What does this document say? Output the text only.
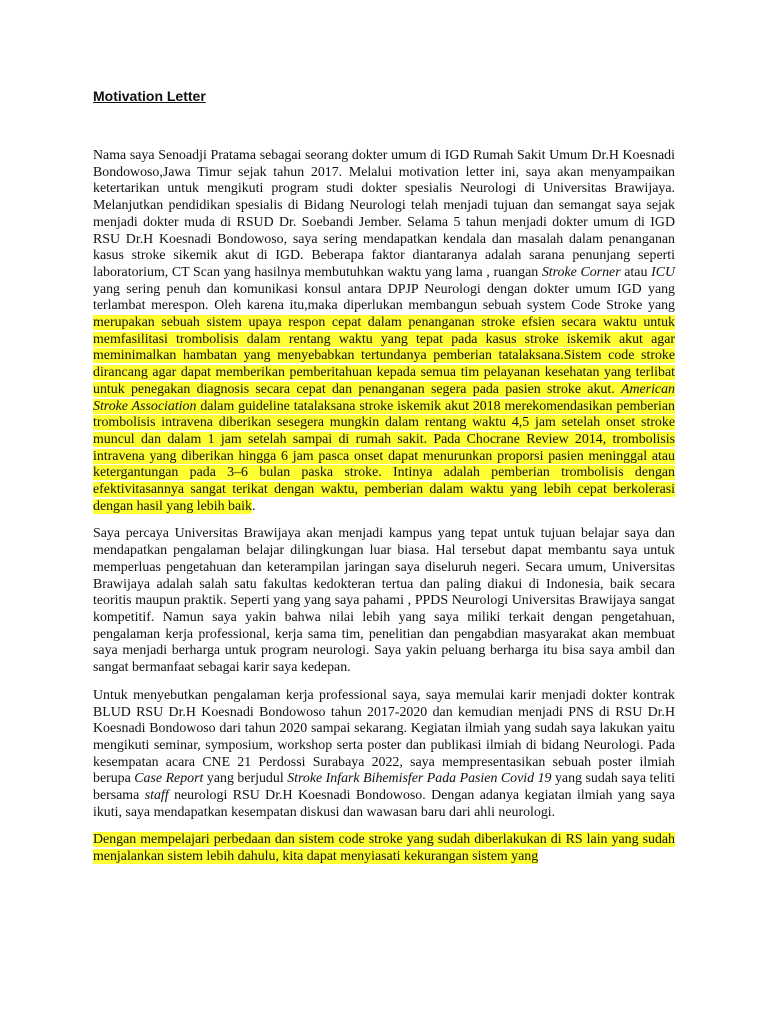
Motivation Letter

Nama saya Senoadji Pratama sebagai seorang dokter umum di IGD Rumah Sakit Umum Dr.H Koesnadi Bondowoso,Jawa Timur sejak tahun 2017. Melalui motivation letter ini, saya akan menyampaikan ketertarikan untuk mengikuti program studi dokter spesialis Neurologi di Universitas Brawijaya. Melanjutkan pendidikan spesialis di Bidang Neurologi telah menjadi tujuan dan semangat saya sejak menjadi dokter muda di RSUD Dr. Soebandi Jember. Selama 5 tahun menjadi dokter umum di IGD RSU Dr.H Koesnadi Bondowoso, saya sering mendapatkan kendala dan masalah dalam penanganan kasus stroke sikemik akut di IGD. Beberapa faktor diantaranya adalah sarana penunjang seperti laboratorium, CT Scan yang hasilnya membutuhkan waktu yang lama , ruangan Stroke Corner atau ICU yang sering penuh dan komunikasi konsul antara DPJP Neurologi dengan dokter umum IGD yang terlambat merespon. Oleh karena itu,maka diperlukan membangun sebuah system Code Stroke yang merupakan sebuah sistem upaya respon cepat dalam penanganan stroke efsien secara waktu untuk memfasilitasi trombolisis dalam rentang waktu yang tepat pada kasus stroke iskemik akut agar meminimalkan hambatan yang menyebabkan tertundanya pemberian tatalaksana.Sistem code stroke dirancang agar dapat memberikan pemberitahuan kepada semua tim pelayanan kesehatan yang terlibat untuk penegakan diagnosis secara cepat dan penanganan segera pada pasien stroke akut. American Stroke Association dalam guideline tatalaksana stroke iskemik akut 2018 merekomendasikan pemberian trombolisis intravena diberikan sesegera mungkin dalam rentang waktu 4,5 jam setelah onset stroke muncul dan dalam 1 jam setelah sampai di rumah sakit. Pada Chocrane Review 2014, trombolisis intravena yang diberikan hingga 6 jam pasca onset dapat menurunkan proporsi pasien meninggal atau ketergantungan pada 3–6 bulan paska stroke. Intinya adalah pemberian trombolisis dengan efektivitasannya sangat terikat dengan waktu, pemberian dalam waktu yang lebih cepat berkolerasi dengan hasil yang lebih baik.

Saya percaya Universitas Brawijaya akan menjadi kampus yang tepat untuk tujuan belajar saya dan mendapatkan pengalaman belajar dilingkungan luar biasa. Hal tersebut dapat membantu saya untuk memperluas pengetahuan dan keterampilan jaringan saya diseluruh negeri. Secara umum, Universitas Brawijaya adalah salah satu fakultas kedokteran tertua dan paling diakui di Indonesia, baik secara teoritis maupun praktik. Seperti yang yang saya pahami , PPDS Neurologi Universitas Brawijaya sangat kompetitif. Namun saya yakin bahwa nilai lebih yang saya miliki terkait dengan pengetahuan, pengalaman kerja professional, kerja sama tim, penelitian dan pengabdian masyarakat akan membuat saya menjadi berharga untuk program neurologi. Saya yakin peluang berharga itu bisa saya ambil dan sangat bermanfaat sebagai karir saya kedepan.

Untuk menyebutkan pengalaman kerja professional saya, saya memulai karir menjadi dokter kontrak BLUD RSU Dr.H Koesnadi Bondowoso tahun 2017-2020 dan kemudian menjadi PNS di RSU Dr.H Koesnadi Bondowoso dari tahun 2020 sampai sekarang. Kegiatan ilmiah yang sudah saya lakukan yaitu mengikuti seminar, symposium, workshop serta poster dan publikasi ilmiah di bidang Neurologi. Pada kesempatan acara CNE 21 Perdossi Surabaya 2022, saya mempresentasikan sebuah poster ilmiah berupa Case Report yang berjudul Stroke Infark Bihemisfer Pada Pasien Covid 19 yang sudah saya teliti bersama staff neurologi RSU Dr.H Koesnadi Bondowoso. Dengan adanya kegiatan ilmiah yang saya ikuti, saya mendapatkan kesempatan diskusi dan wawasan baru dari ahli neurologi.

Dengan mempelajari perbedaan dan sistem code stroke yang sudah diberlakukan di RS lain yang sudah menjalankan sistem lebih dahulu, kita dapat menyiasati kekurangan sistem yang
